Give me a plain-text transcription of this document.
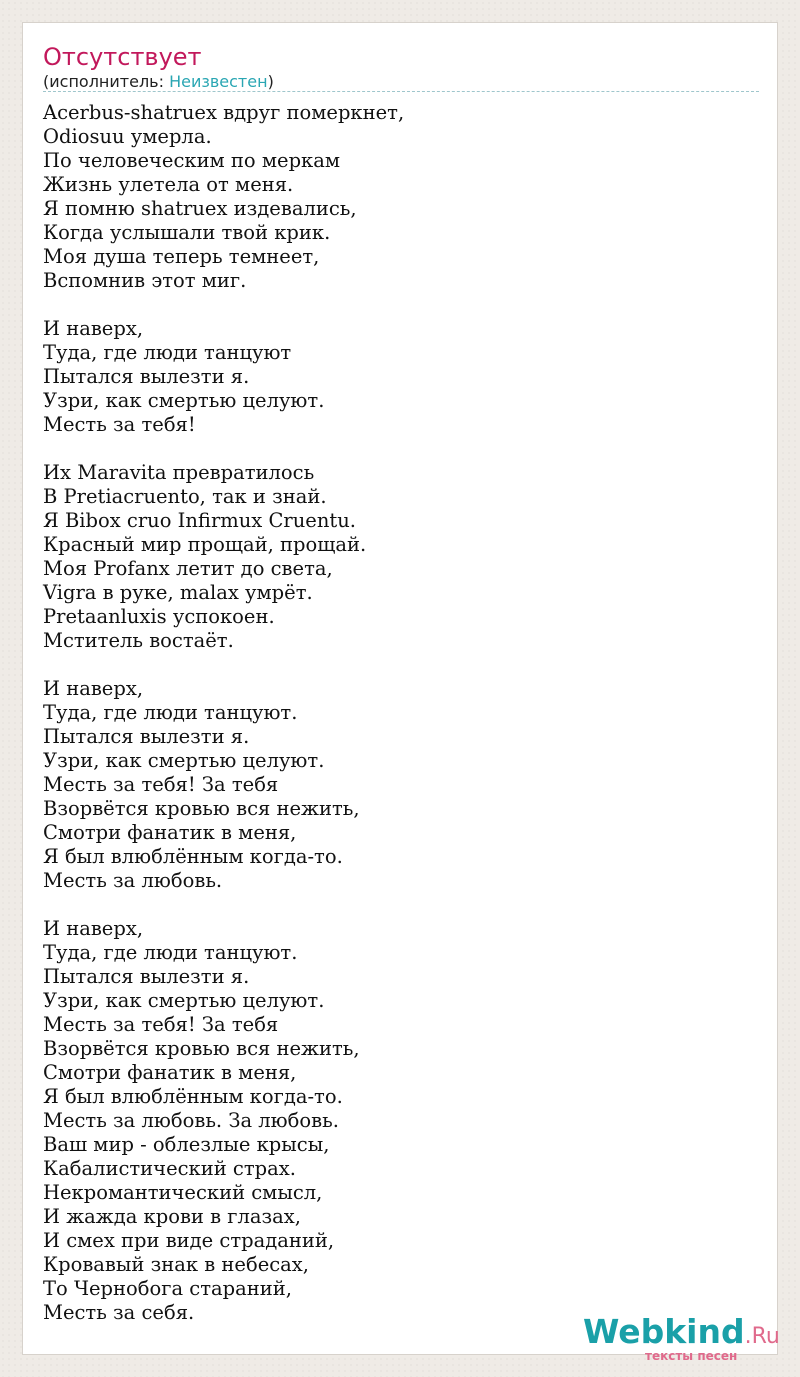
Отсутствует
(исполнитель: Неизвестен)
Acerbus-shatruex вдруг померкнет,
Odiosuu умерла.
По человеческим по меркам
Жизнь улетела от меня.
Я помню shatruex издевались,
Когда услышали твой крик.
Моя душа теперь темнеет,
Вспомнив этот миг.
И наверх,
Туда, где люди танцуют
Пытался вылезти я.
Узри, как смертью целуют.
Месть за тебя!
Их Maravita превратилось
В Pretiacruento, так и знай.
Я Bibox cruo Infirmux Cruentu.
Красный мир прощай, прощай.
Моя Profanx летит до света,
Vigra в руке, malax умрёт.
Pretaanluxis успокоен.
Мститель востаёт.
И наверх,
Туда, где люди танцуют.
Пытался вылезти я.
Узри, как смертью целуют.
Месть за тебя! За тебя
Взорвётся кровью вся нежить,
Смотри фанатик в меня,
Я был влюблённым когда-то.
Месть за любовь.
И наверх,
Туда, где люди танцуют.
Пытался вылезти я.
Узри, как смертью целуют.
Месть за тебя! За тебя
Взорвётся кровью вся нежить,
Смотри фанатик в меня,
Я был влюблённым когда-то.
Месть за любовь. За любовь.
Ваш мир - облезлые крысы,
Кабалистический страх.
Некромантический смысл,
И жажда крови в глазах,
И смех при виде страданий,
Кровавый знак в небесах,
То Чернобога стараний,
Месть за себя.	Webkind.Ru
тексты песен
